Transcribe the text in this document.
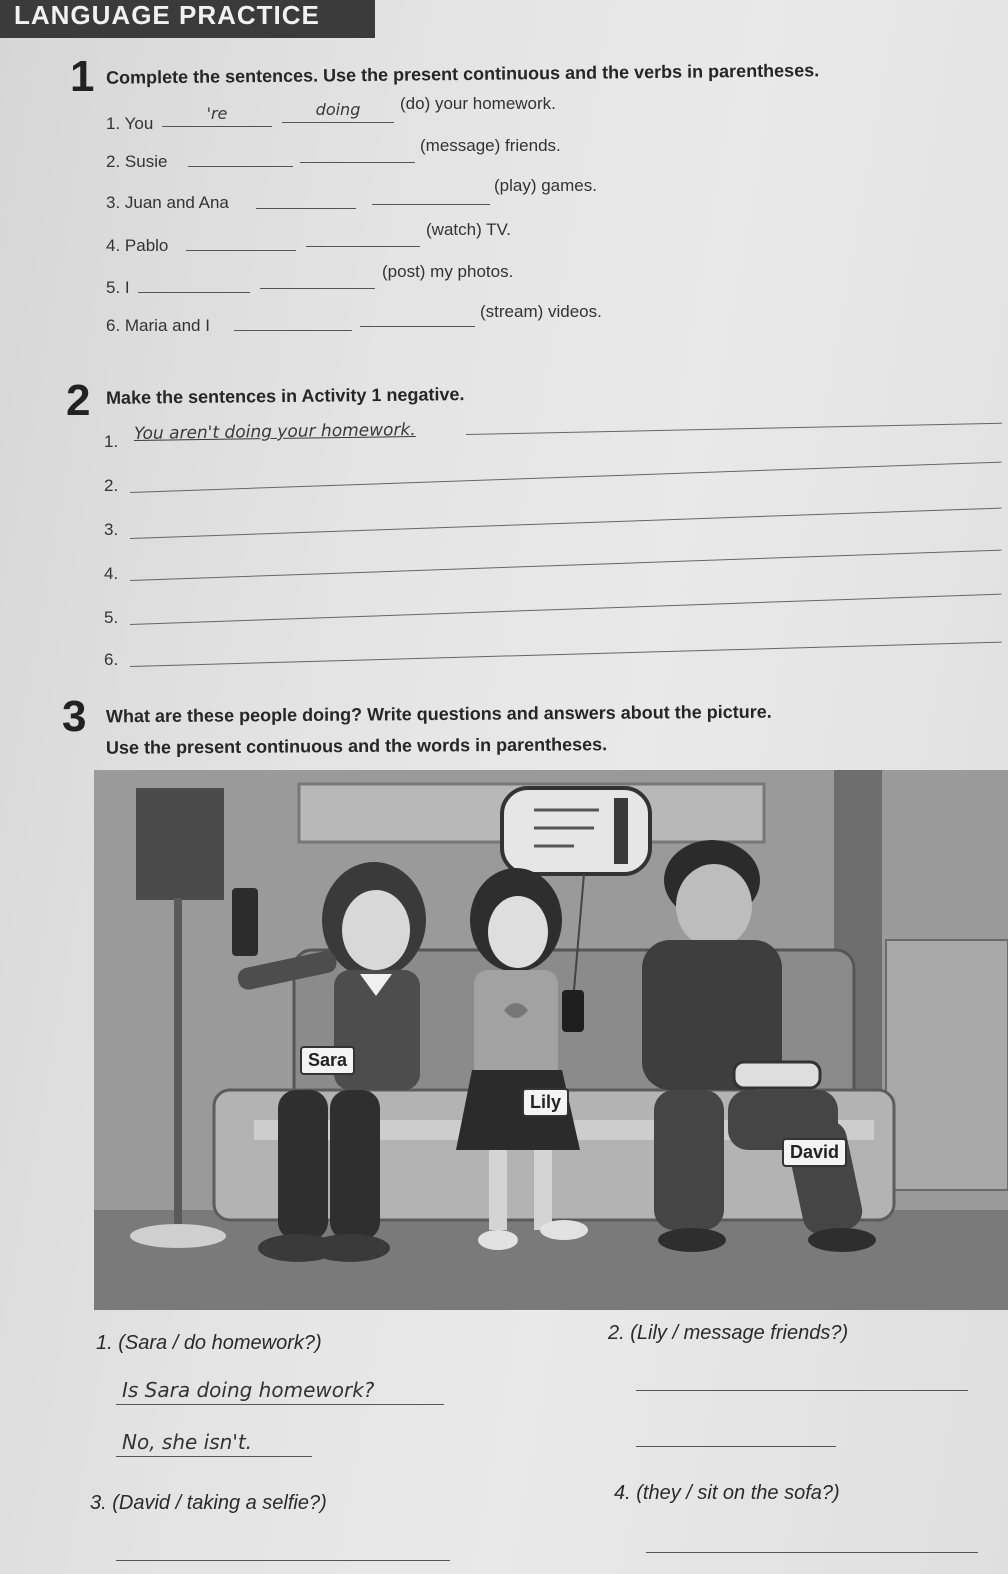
LANGUAGE PRACTICE
1 Complete the sentences. Use the present continuous and the verbs in parentheses.
1. You
're	doing	(do) your homework.
2. Susie
(message) friends.
3. Juan and Ana
(play) games.
4. Pablo
(watch) TV.
5. I
(post) my photos.
6. Maria and I
(stream) videos.
2 Make the sentences in Activity 1 negative.
1. You aren't doing your homework.
2.
3.
4.
5.
6.
3 What are these people doing? Write questions and answers about the picture.
Use the present continuous and the words in parentheses.
Sara
Lily
David
1. (Sara / do homework?)
Is Sara doing homework?
No, she isn't.
2. (Lily / message friends?)
3. (David / taking a selfie?)	4. (they / sit on the sofa?)
